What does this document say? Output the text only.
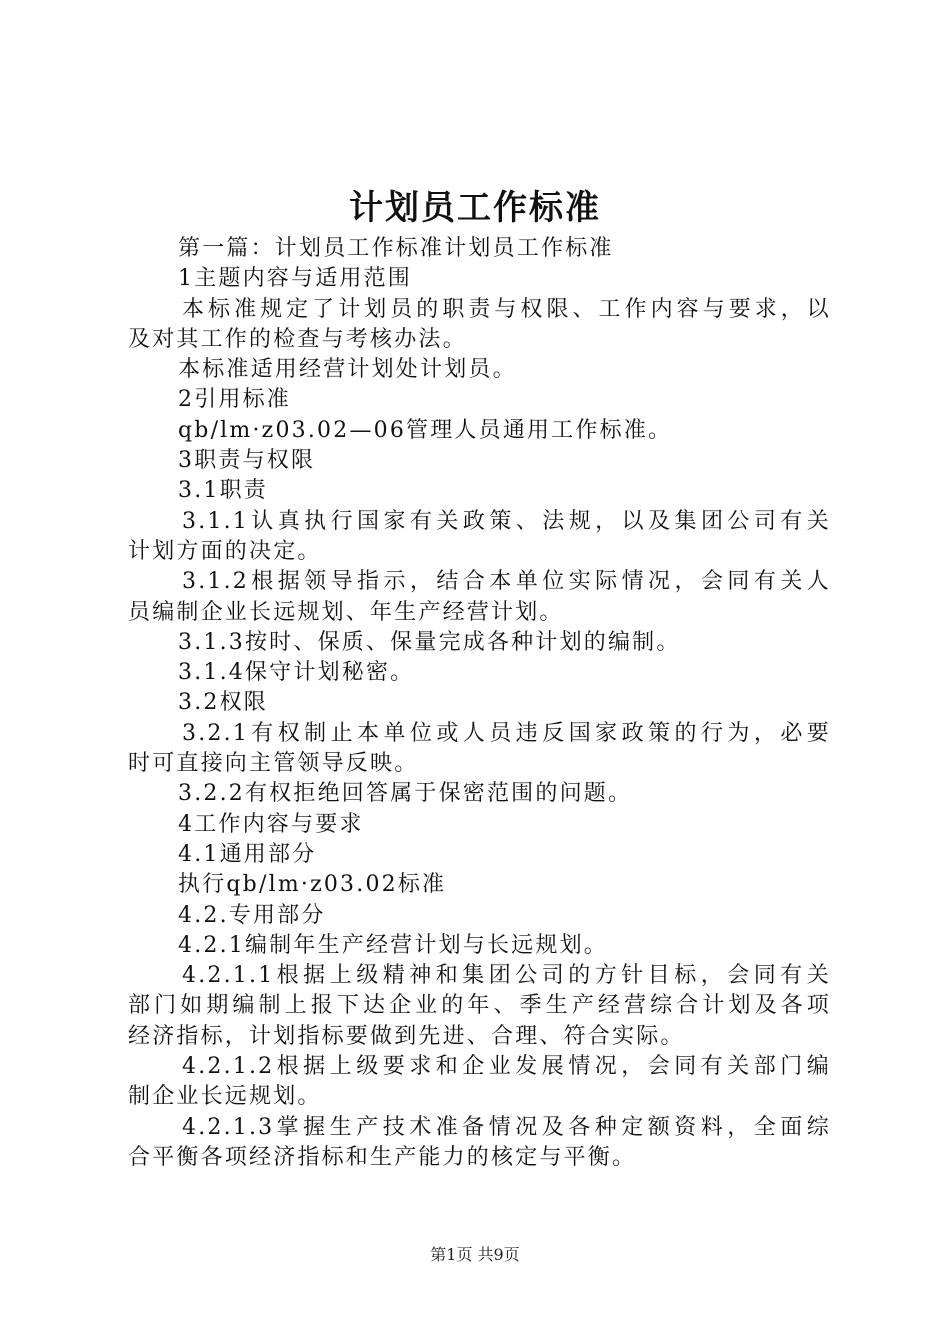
计划员工作标准
第一篇：计划员工作标准计划员工作标准
1主题内容与适用范围
本标准规定了计划员的职责与权限、工作内容与要求，以
及对其工作的检查与考核办法。
本标准适用经营计划处计划员。
2引用标准
qb/lm·z03.02—06管理人员通用工作标准。
3职责与权限
3.1职责
3.1.1认真执行国家有关政策、法规，以及集团公司有关
计划方面的决定。
3.1.2根据领导指示，结合本单位实际情况，会同有关人
员编制企业长远规划、年生产经营计划。
3.1.3按时、保质、保量完成各种计划的编制。
3.1.4保守计划秘密。
3.2权限
3.2.1有权制止本单位或人员违反国家政策的行为，必要
时可直接向主管领导反映。
3.2.2有权拒绝回答属于保密范围的问题。
4工作内容与要求
4.1通用部分
执行qb/lm·z03.02标准
4.2.专用部分
4.2.1编制年生产经营计划与长远规划。
4.2.1.1根据上级精神和集团公司的方针目标，会同有关
部门如期编制上报下达企业的年、季生产经营综合计划及各项
经济指标，计划指标要做到先进、合理、符合实际。
4.2.1.2根据上级要求和企业发展情况，会同有关部门编
制企业长远规划。
4.2.1.3掌握生产技术准备情况及各种定额资料，全面综
合平衡各项经济指标和生产能力的核定与平衡。
第1页 共9页
